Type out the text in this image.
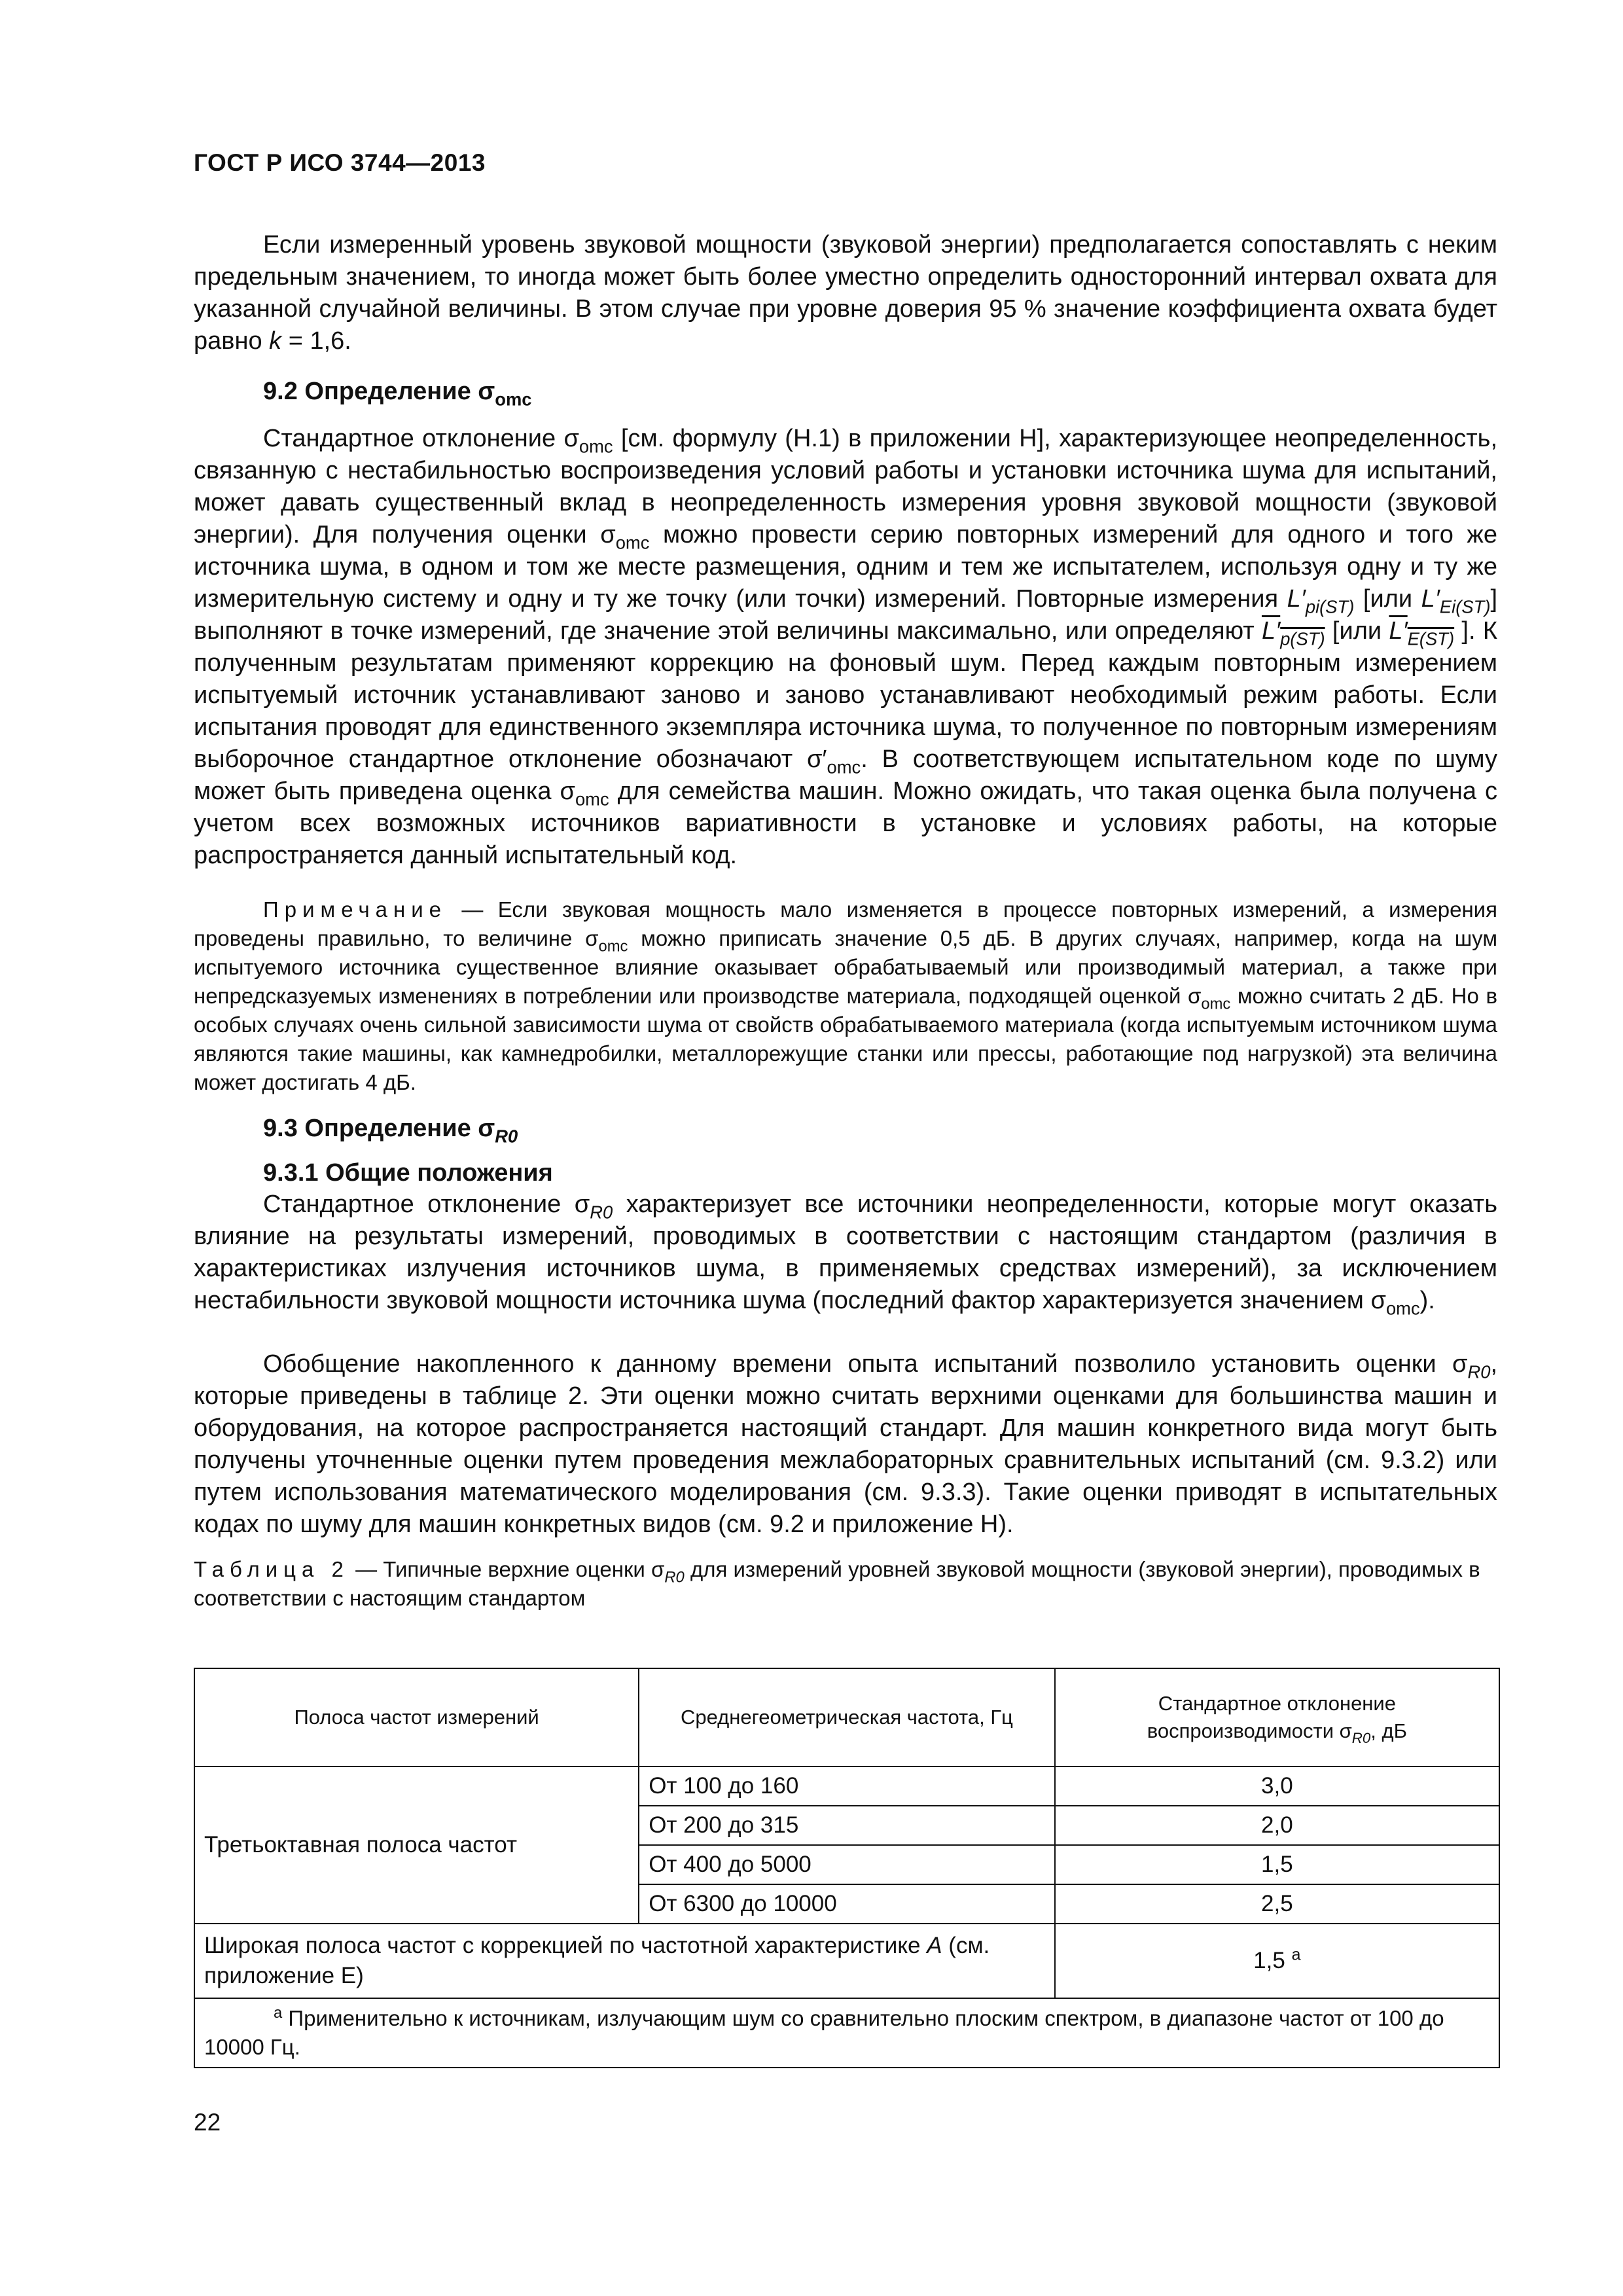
ГОСТ Р ИСО 3744—2013
Если измеренный уровень звуковой мощности (звуковой энергии) предполагается сопоставлять с неким предельным значением, то иногда может быть более уместно определить односторонний интервал охвата для указанной случайной величины. В этом случае при уровне доверия 95 % значение коэффициента охвата будет равно k = 1,6.
9.2 Определение $\sigma_{omc}$
Стандартное отклонение $\sigma_{omc}$ [см. формулу (Н.1) в приложении Н], характеризующее неопределенность, связанную с нестабильностью воспроизведения условий работы и установки источника шума для испытаний, может давать существенный вклад в неопределенность измерения уровня звуковой мощности (звуковой энергии). Для получения оценки $\sigma_{omc}$ можно провести серию повторных измерений для одного и того же источника шума, в одном и том же месте размещения, одним и тем же испытателем, используя одну и ту же измерительную систему и одну и ту же точку (или точки) измерений. Повторные измерения $L'_{pi(ST)}$ [или $L'_{Ei(ST)}$] выполняют в точке измерений, где значение этой величины максимально, или определяют $L'_{p(ST)}$ [или $L'_{E(ST)}$ ]. К полученным результатам применяют коррекцию на фоновый шум. Перед каждым повторным измерением испытуемый источник устанавливают заново и заново устанавливают необходимый режим работы. Если испытания проводят для единственного экземпляра источника шума, то полученное по повторным измерениям выборочное стандартное отклонение обозначают $\sigma'_{omc}$. В соответствующем испытательном коде по шуму может быть приведена оценка $\sigma_{omc}$ для семейства машин. Можно ожидать, что такая оценка была получена с учетом всех возможных источников вариативности в установке и условиях работы, на которые распространяется данный испытательный код.
Примечание — Если звуковая мощность мало изменяется в процессе повторных измерений, а измерения проведены правильно, то величине $\sigma_{omc}$ можно приписать значение 0,5 дБ. В других случаях, например, когда на шум испытуемого источника существенное влияние оказывает обрабатываемый или производимый материал, а также при непредсказуемых изменениях в потреблении или производстве материала, подходящей оценкой $\sigma_{omc}$ можно считать 2 дБ. Но в особых случаях очень сильной зависимости шума от свойств обрабатываемого материала (когда испытуемым источником шума являются такие машины, как камнедробилки, металлорежущие станки или прессы, работающие под нагрузкой) эта величина может достигать 4 дБ.
9.3 Определение $\sigma_{R0}$
9.3.1 Общие положения
Стандартное отклонение $\sigma_{R0}$ характеризует все источники неопределенности, которые могут оказать влияние на результаты измерений, проводимых в соответствии с настоящим стандартом (различия в характеристиках излучения источников шума, в применяемых средствах измерений), за исключением нестабильности звуковой мощности источника шума (последний фактор характеризуется значением $\sigma_{omc}$).
Обобщение накопленного к данному времени опыта испытаний позволило установить оценки $\sigma_{R0}$, которые приведены в таблице 2. Эти оценки можно считать верхними оценками для большинства машин и оборудования, на которое распространяется настоящий стандарт. Для машин конкретного вида могут быть получены уточненные оценки путем проведения межлабораторных сравнительных испытаний (см. 9.3.2) или путем использования математического моделирования (см. 9.3.3). Такие оценки приводят в испытательных кодах по шуму для машин конкретных видов (см. 9.2 и приложение Н).
Таблица 2 — Типичные верхние оценки $\sigma_{R0}$ для измерений уровней звуковой мощности (звуковой энергии), проводимых в соответствии с настоящим стандартом
Полоса частот измерений	Среднегеометрическая частота, Гц	Стандартное отклонение воспроизводимости $\sigma_{R0}$, дБ
Третьоктавная полоса частот	От 100 до 160	3,0
	От 200 до 315	2,0
	От 400 до 5000	1,5
	От 6300 до 10000	2,5
Широкая полоса частот с коррекцией по частотной характеристике А (см. приложение Е)		1,5 $^a$
$^a$ Применительно к источникам, излучающим шум со сравнительно плоским спектром, в диапазоне частот от 100 до 10000 Гц.		
22
